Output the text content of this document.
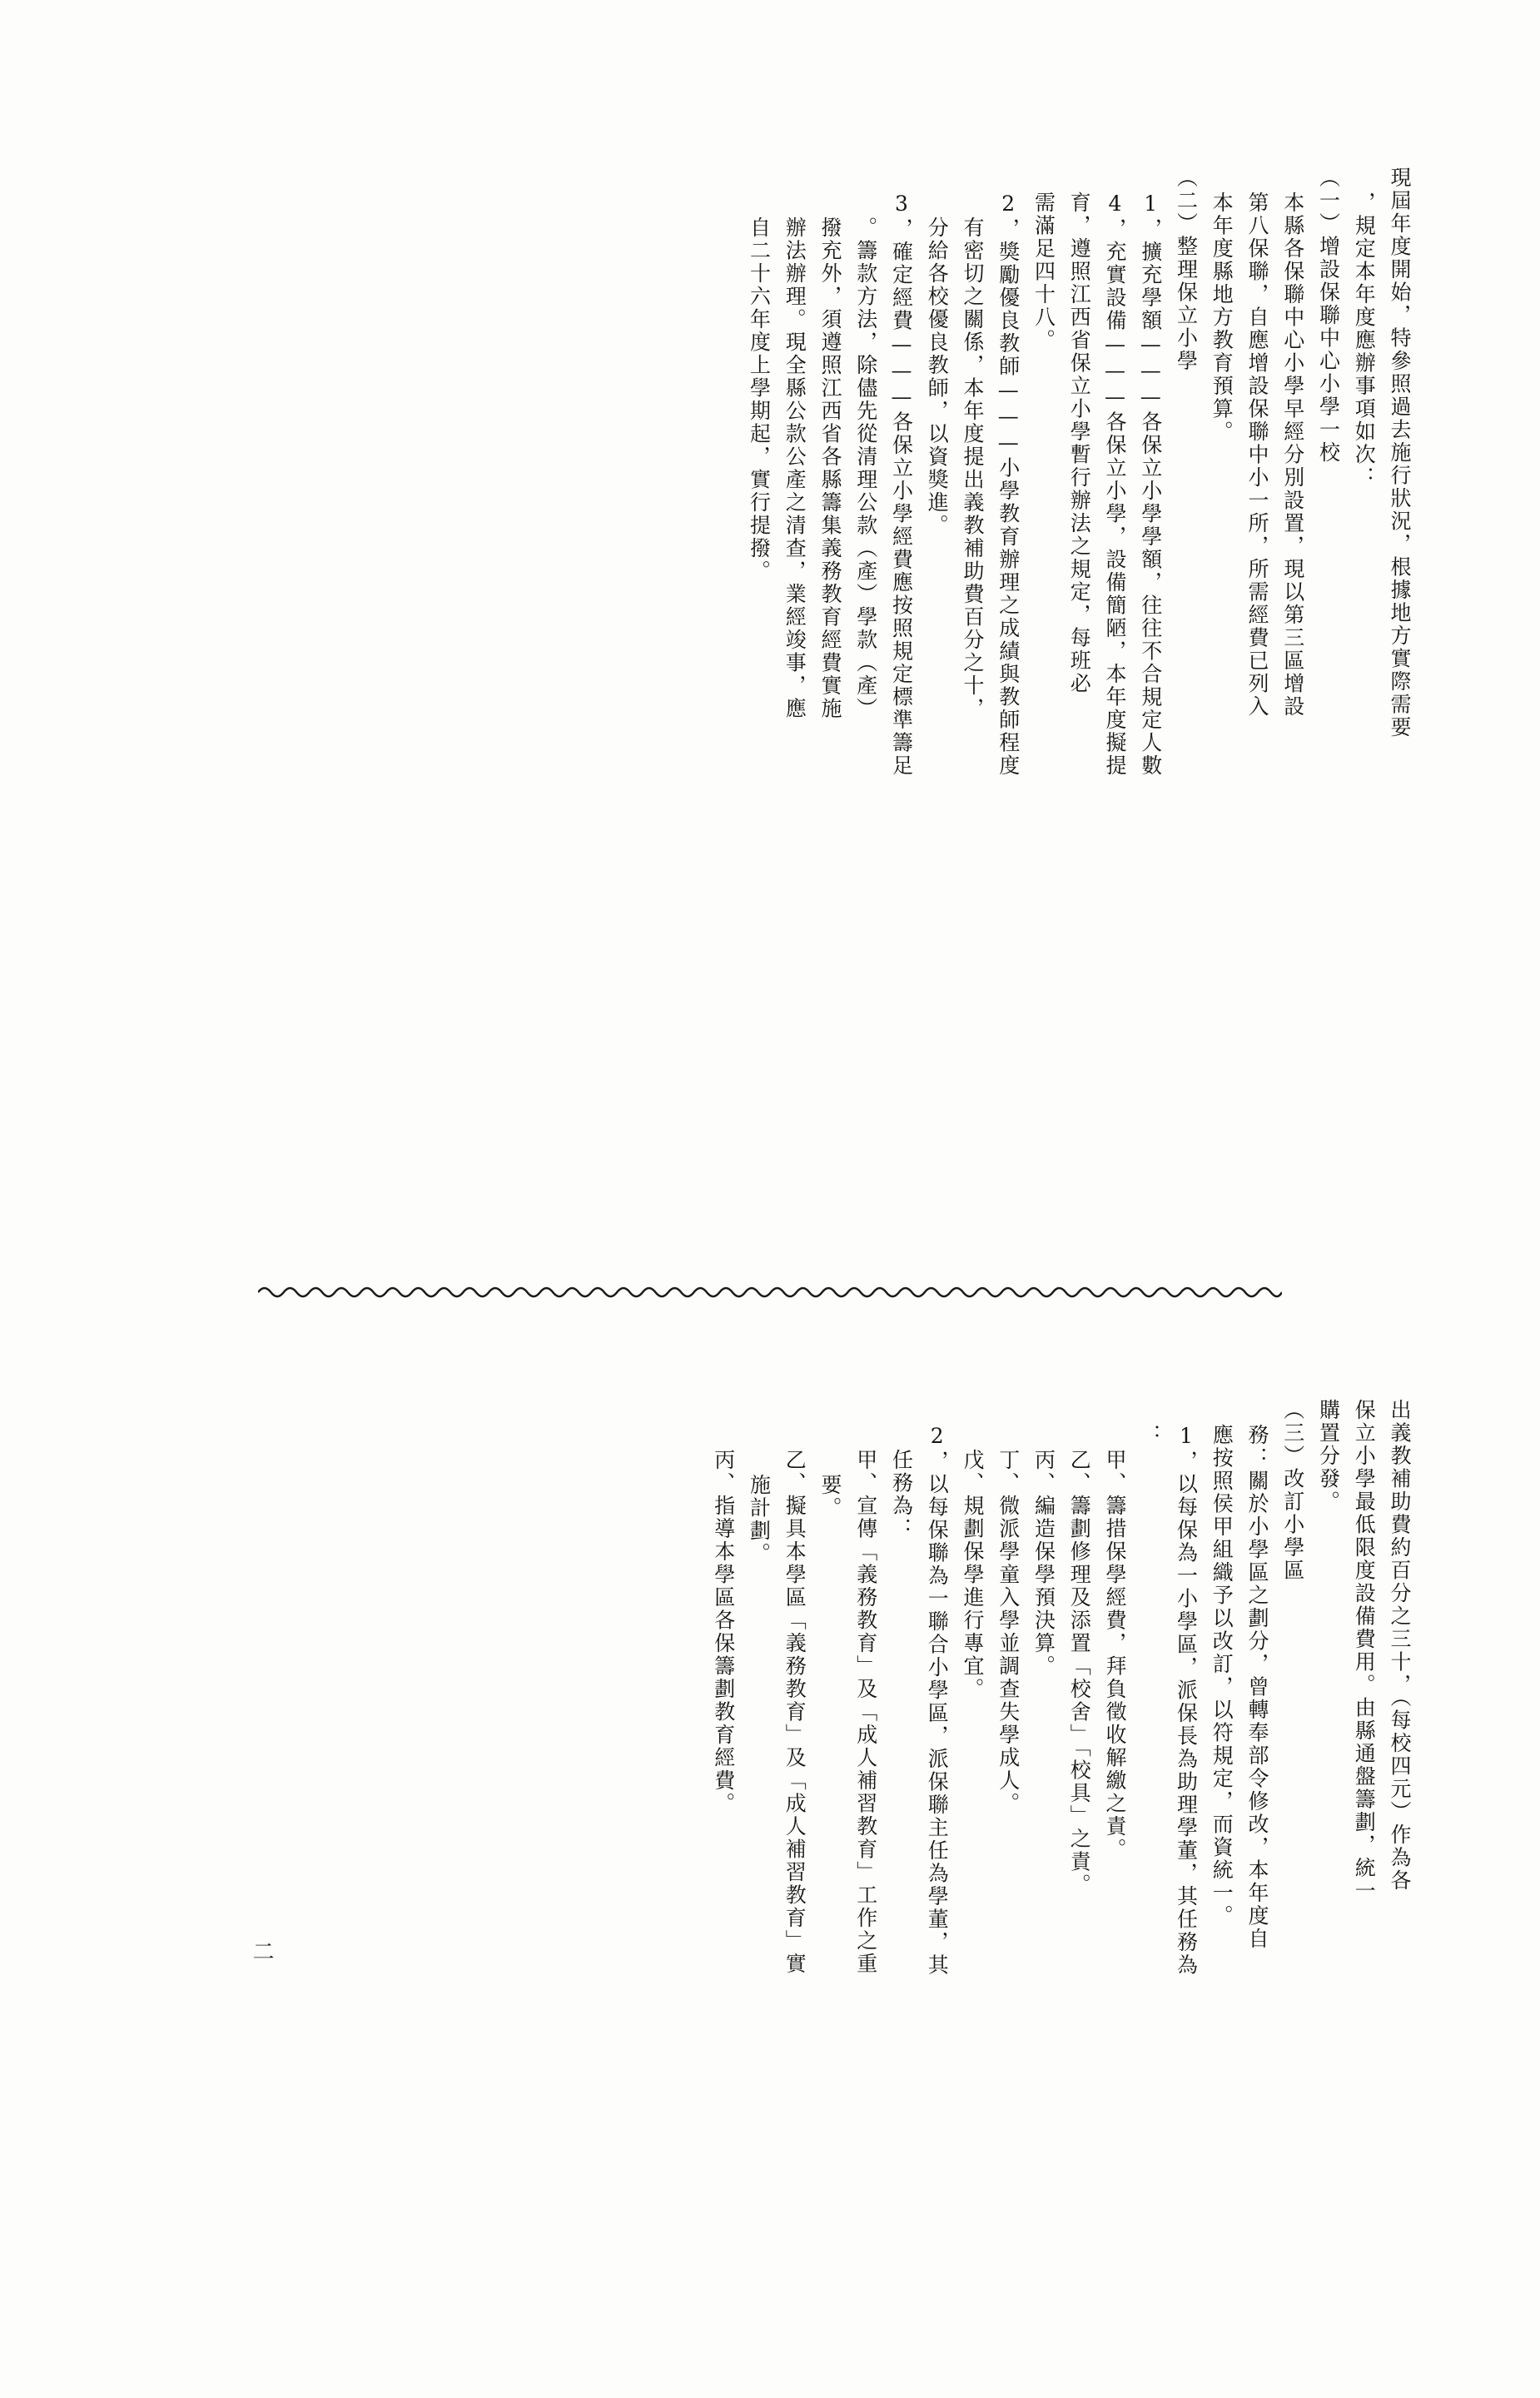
現屆年度開始，特參照過去施行狀況，根據地方實際需要
，規定本年度應辦事項如次：
（一）增設保聯中心小學一校
本縣各保聯中心小學早經分別設置，現以第三區增設
第八保聯，自應增設保聯中小一所，所需經費已列入
本年度縣地方教育預算。
（二）整理保立小學
1，擴充學額———各保立小學學額，往往不合規定人數
4，充實設備———各保立小學，設備簡陋，本年度擬提
育，遵照江西省保立小學暫行辦法之規定，每班必
需滿足四十八。
2，獎勵優良教師———小學教育辦理之成績與教師程度
有密切之關係，本年度提出義教補助費百分之十，
分給各校優良教師，以資獎進。
3，確定經費———各保立小學經費應按照規定標準籌足
。籌款方法，除儘先從清理公款（產）學款（產）
撥充外，須遵照江西省各縣籌集義務教育經費實施
辦法辦理。現全縣公款公產之清查，業經竣事，應
自二十六年度上學期起，實行提撥。
出義教補助費約百分之三十，（每校四元）作為各
保立小學最低限度設備費用。由縣通盤籌劃，統一
購置分發。
（三）改訂小學區
務：關於小學區之劃分，曾轉奉部令修改，本年度自
應按照侯甲組織予以改訂，以符規定，而資統一。
1，以每保為一小學區，派保長為助理學董，其任務為
：
甲、籌措保學經費，拜負徵收解繳之責。
乙、籌劃修理及添置「校舍」「校具」之責。
丙、編造保學預決算。
丁、微派學童入學並調查失學成人。
戊、規劃保學進行專宜。
2，以每保聯為一聯合小學區，派保聯主任為學董，其
任務為：
甲、宣傳「義務教育」及「成人補習教育」工作之重
要。
乙、擬具本學區「義務教育」及「成人補習教育」實
施計劃。
丙、指導本學區各保籌劃教育經費。
二
